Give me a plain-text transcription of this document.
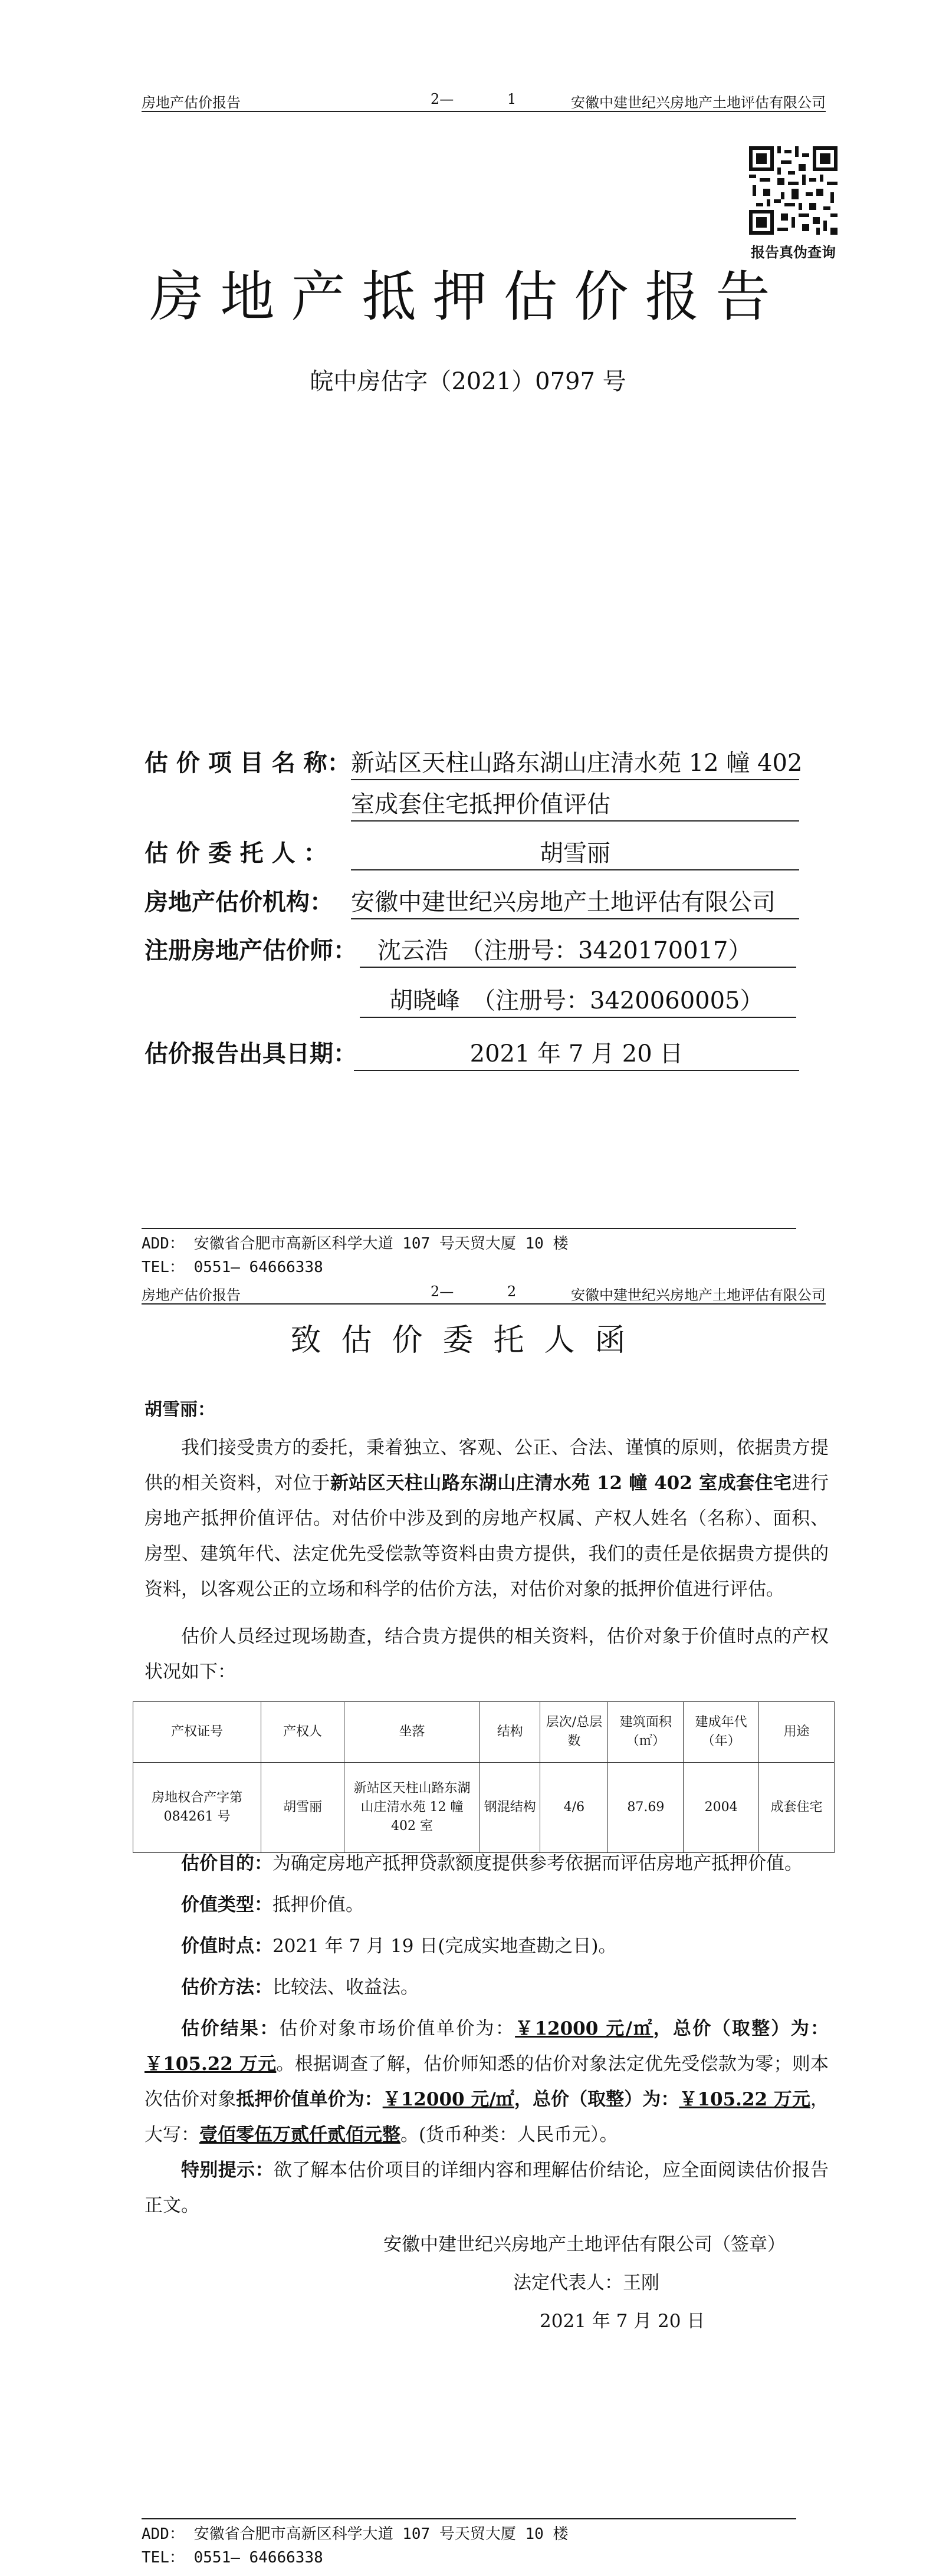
房地产估价报告	2—	1	安徽中建世纪兴房地产土地评估有限公司
报告真伪查询
房地产抵押估价报告
皖中房估字（2021）0797 号
估 价 项 目 名 称： 新站区天柱山路东湖山庄清水苑 12 幢 402
室成套住宅抵押价值评估
估 价 委 托 人 ：	胡雪丽
房地产估价机构： 安徽中建世纪兴房地产土地评估有限公司
注册房地产估价师： 沈云浩　（注册号：3420170017）
胡晓峰　（注册号：3420060005）
估价报告出具日期：	2021 年 7 月 20 日
ADD： 安徽省合肥市高新区科学大道 107 号天贸大厦 10 楼
TEL： 0551— 64666338
房地产估价报告	2—	2	安徽中建世纪兴房地产土地评估有限公司
致估价委托人函
胡雪丽：
我们接受贵方的委托，秉着独立、客观、公正、合法、谨慎的原则，依据贵方提供的相关资料，对位于新站区天柱山路东湖山庄清水苑 12 幢 402 室成套住宅进行房地产抵押价值评估。对估价中涉及到的房地产权属、产权人姓名（名称）、面积、房型、建筑年代、法定优先受偿款等资料由贵方提供，我们的责任是依据贵方提供的资料，以客观公正的立场和科学的估价方法，对估价对象的抵押价值进行评估。
估价人员经过现场勘查，结合贵方提供的相关资料，估价对象于价值时点的产权状况如下：
产权证号	产权人	坐落	结构	层次/总层数	建筑面积（㎡）	建成年代（年）	用途
房地权合产字第 084261 号	胡雪丽	新站区天柱山路东湖山庄清水苑 12 幢 402 室	钢混结构	4/6	87.69	2004	成套住宅
估价目的：为确定房地产抵押贷款额度提供参考依据而评估房地产抵押价值。
价值类型：抵押价值。
价值时点：2021 年 7 月 19 日(完成实地查勘之日)。
估价方法：比较法、收益法。
估价结果：估价对象市场价值单价为：￥12000 元/㎡，总价（取整）为：￥105.22 万元。根据调查了解，估价师知悉的估价对象法定优先受偿款为零；则本次估价对象抵押价值单价为：￥12000 元/㎡，总价（取整）为：￥105.22 万元，大写：壹佰零伍万贰仟贰佰元整。(货币种类：人民币元）。
特别提示：欲了解本估价项目的详细内容和理解估价结论，应全面阅读估价报告正文。
安徽中建世纪兴房地产土地评估有限公司（签章）
法定代表人：王刚
2021 年 7 月 20 日
ADD： 安徽省合肥市高新区科学大道 107 号天贸大厦 10 楼
TEL： 0551— 64666338
